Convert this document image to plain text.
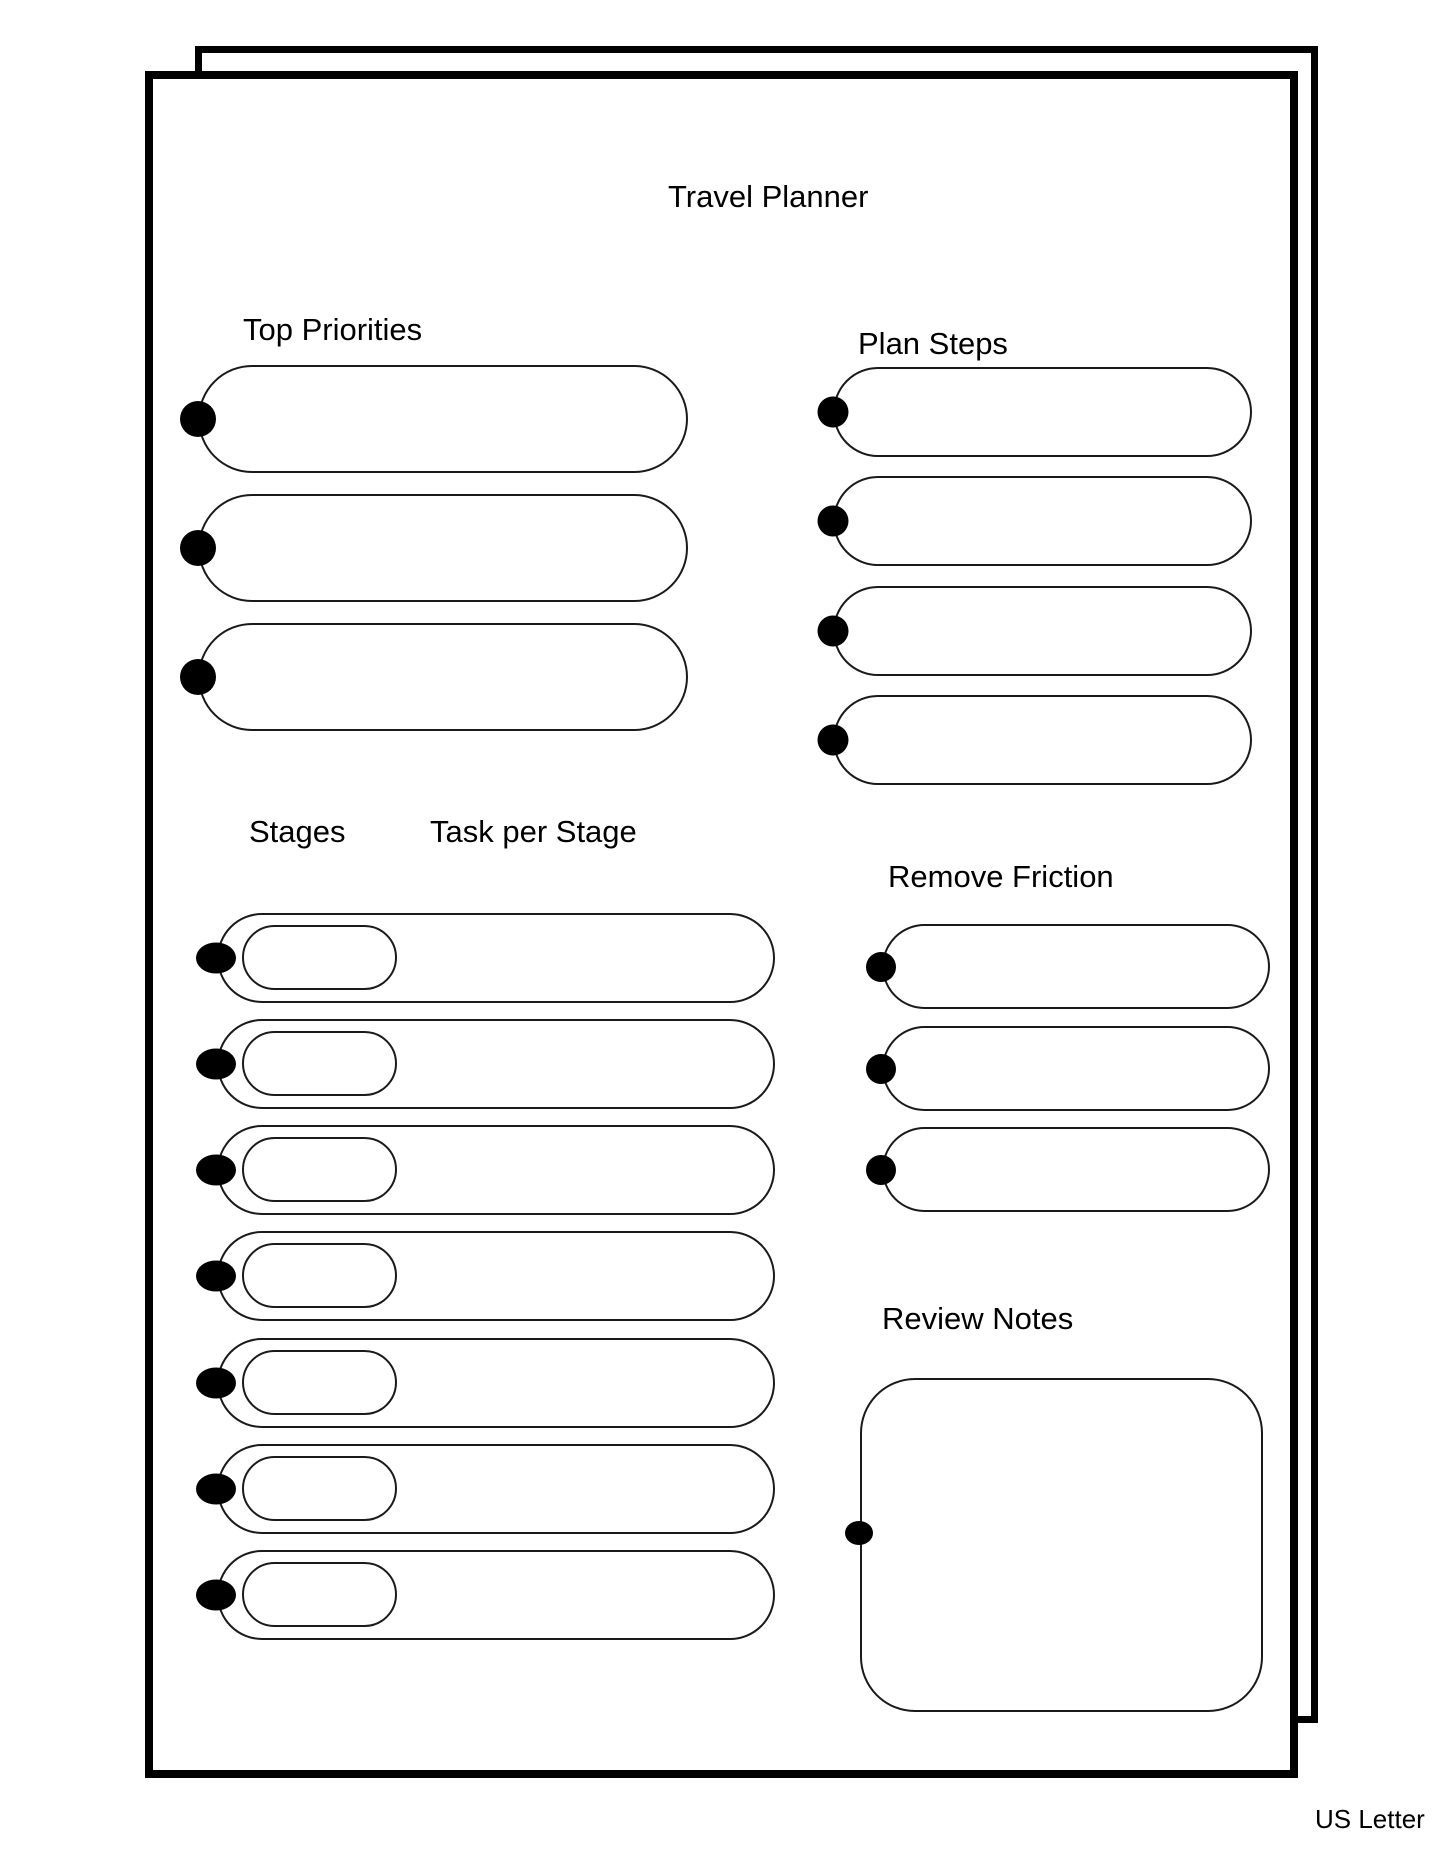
Travel Planner
Top Priorities	Plan Steps
Stages	Task per Stage
Remove Friction
Review Notes
US Letter
